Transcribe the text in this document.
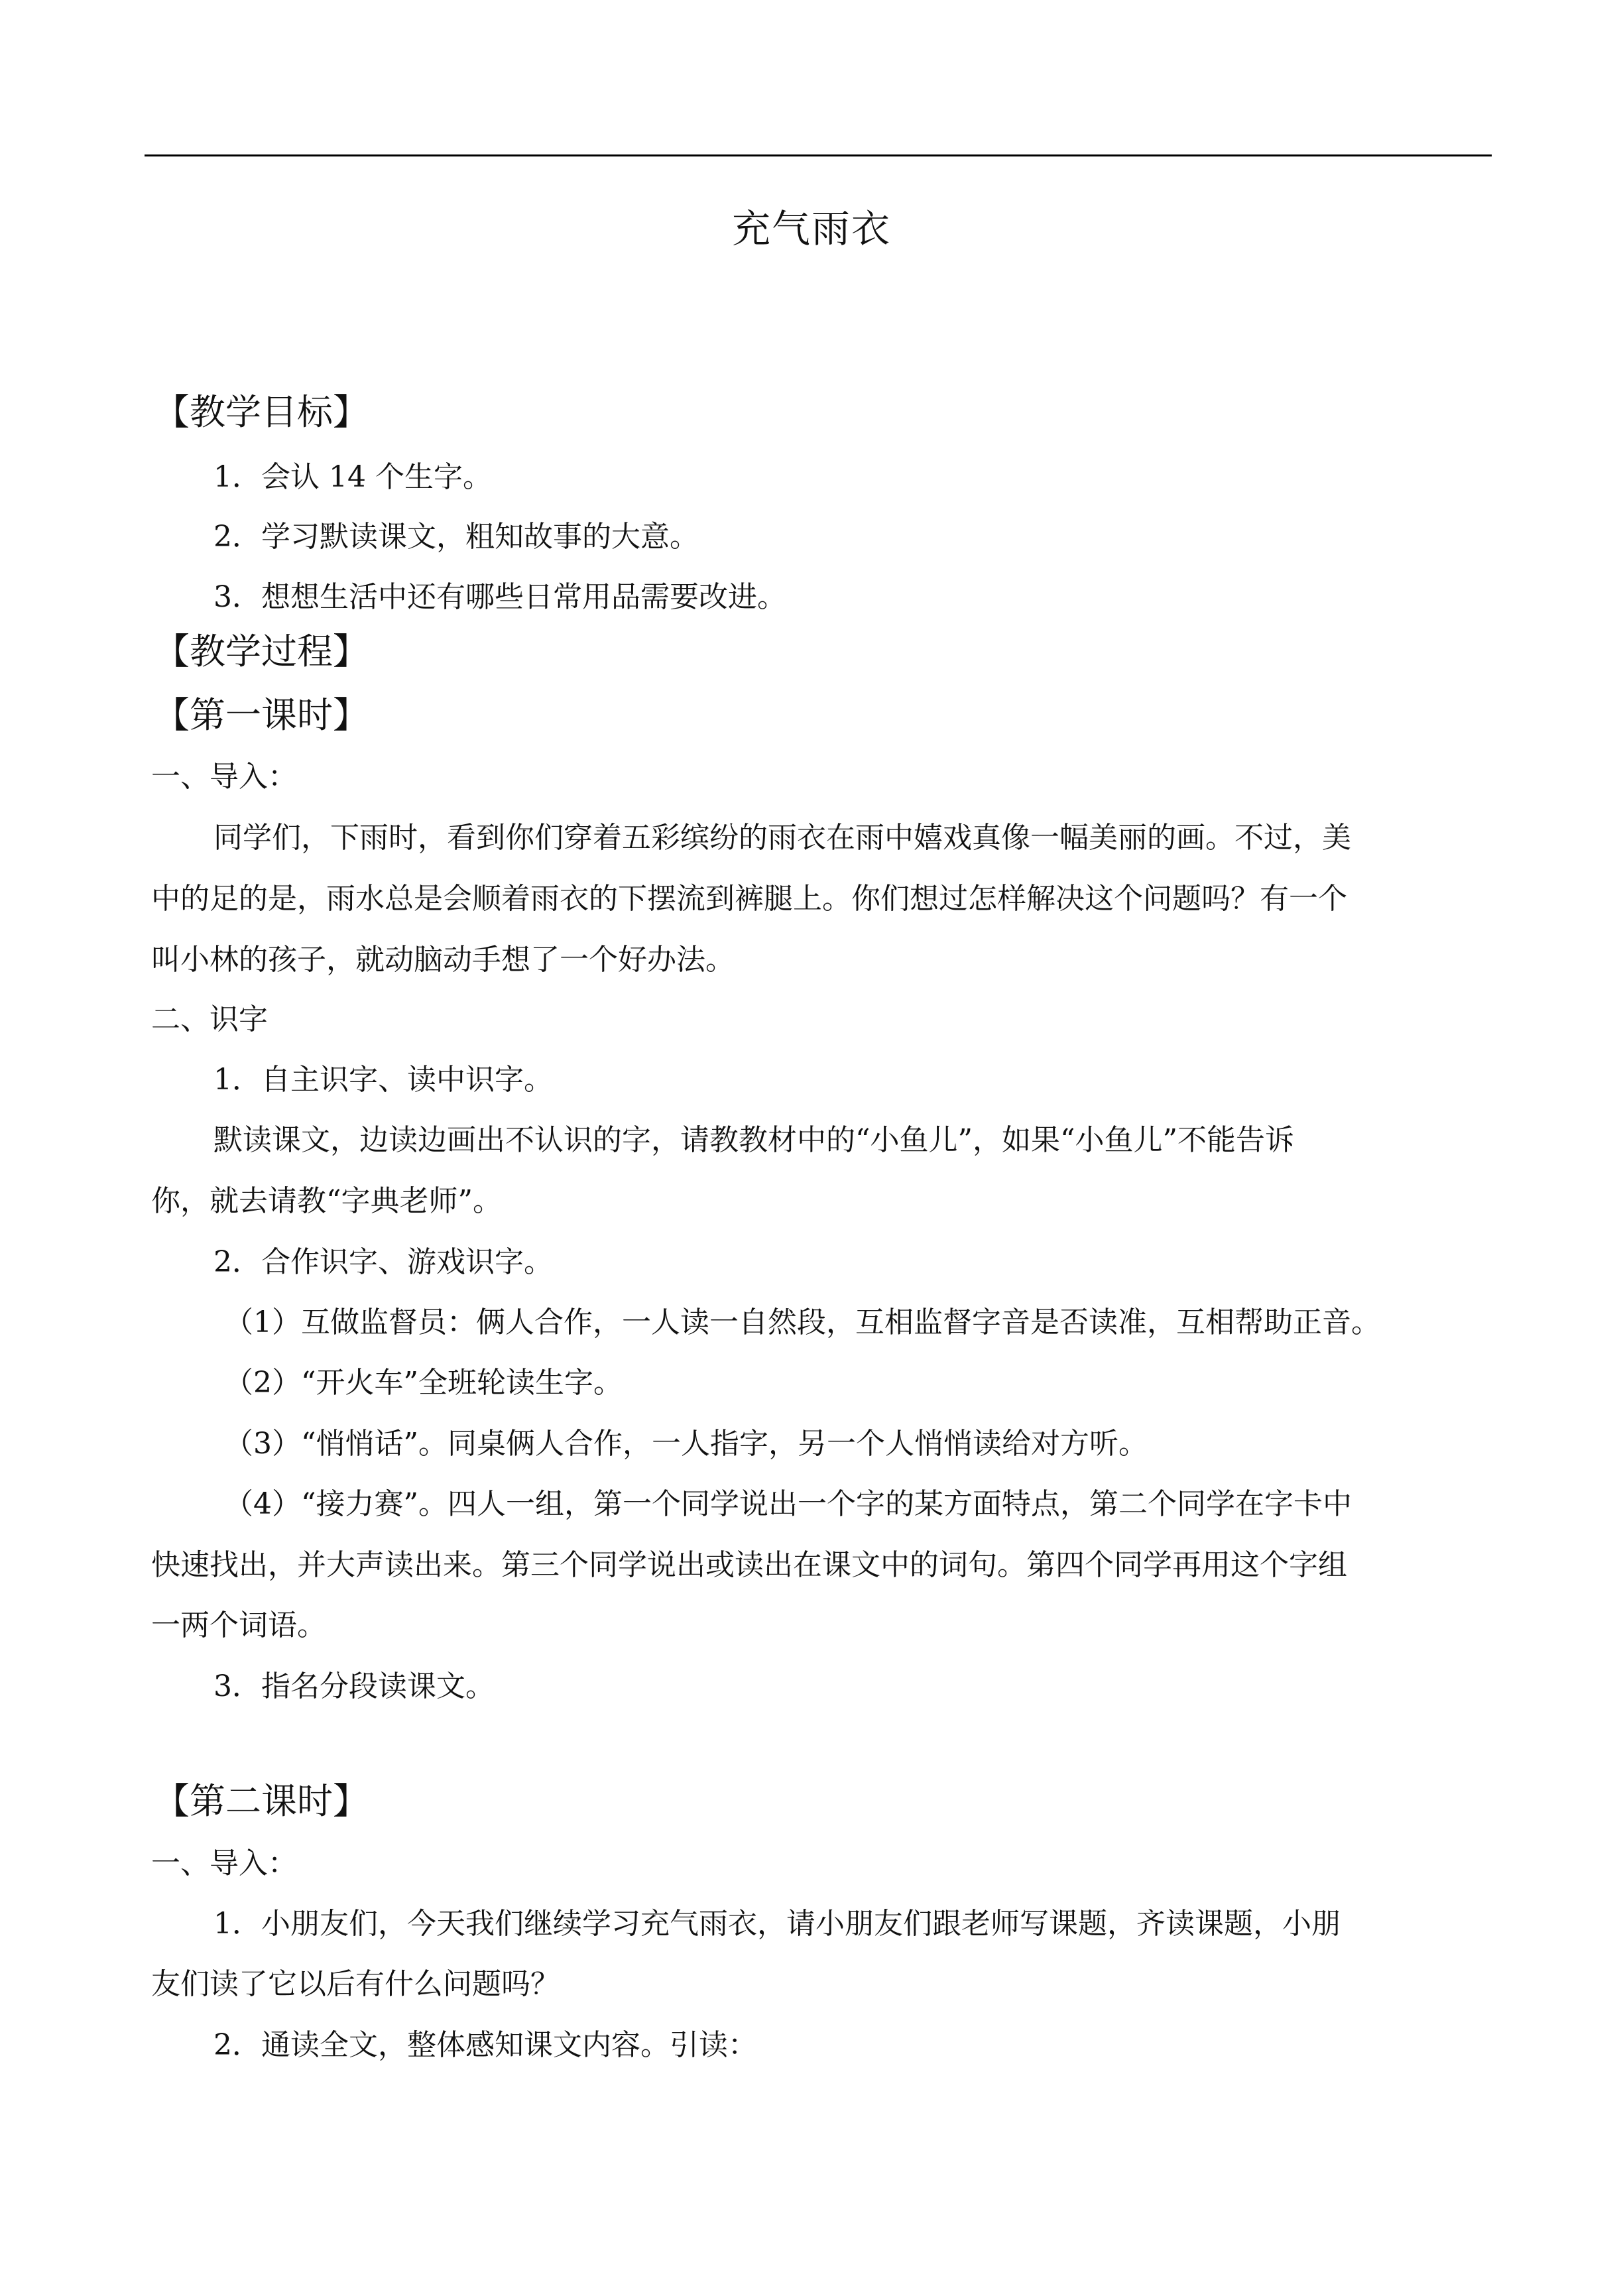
充气雨衣
【教学目标】
1．会认 14 个生字。
2．学习默读课文，粗知故事的大意。
3．想想生活中还有哪些日常用品需要改进。
【教学过程】
【第一课时】
一、导入：
同学们，下雨时，看到你们穿着五彩缤纷的雨衣在雨中嬉戏真像一幅美丽的画。不过，美
中的足的是，雨水总是会顺着雨衣的下摆流到裤腿上。你们想过怎样解决这个问题吗？有一个
叫小林的孩子，就动脑动手想了一个好办法。
二、识字
1．自主识字、读中识字。
默读课文，边读边画出不认识的字，请教教材中的“小鱼儿”，如果“小鱼儿”不能告诉
你，就去请教“字典老师”。
2．合作识字、游戏识字。
（1）互做监督员：俩人合作，一人读一自然段，互相监督字音是否读准，互相帮助正音。
（2）“开火车”全班轮读生字。
（3）“悄悄话”。同桌俩人合作，一人指字，另一个人悄悄读给对方听。
（4）“接力赛”。四人一组，第一个同学说出一个字的某方面特点，第二个同学在字卡中
快速找出，并大声读出来。第三个同学说出或读出在课文中的词句。第四个同学再用这个字组
一两个词语。
3．指名分段读课文。
【第二课时】
一、导入：
1．小朋友们，今天我们继续学习充气雨衣，请小朋友们跟老师写课题，齐读课题，小朋
友们读了它以后有什么问题吗？
2．通读全文，整体感知课文内容。引读：
